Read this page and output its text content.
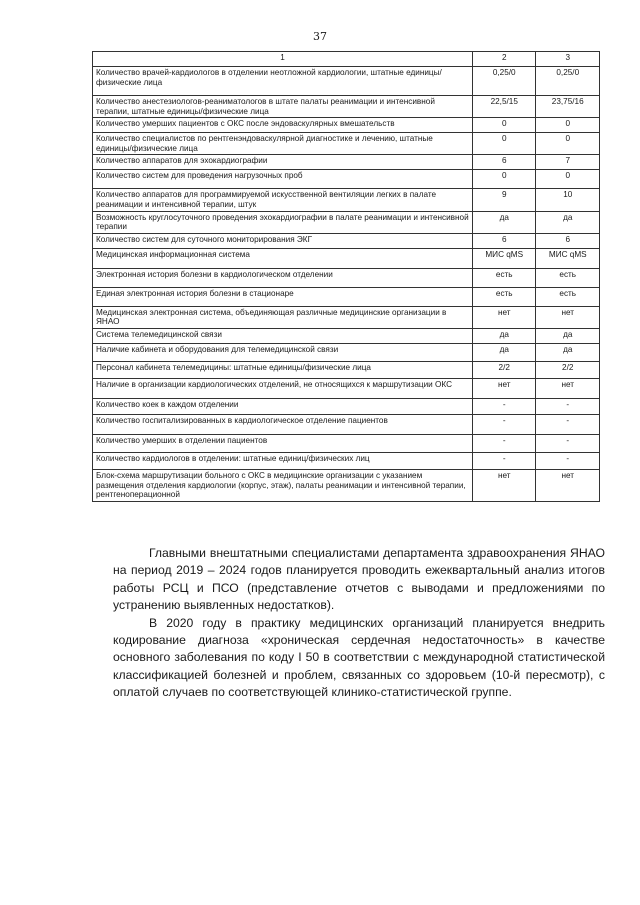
37
1	2	3
Количество врачей-кардиологов в отделении неотложной кардиологии, штатные единицы/физические лица	0,25/0	0,25/0
Количество анестезиологов-реаниматологов в штате палаты реанимации и интенсивной терапии, штатные единицы/физические лица	22,5/15	23,75/16
Количество умерших пациентов с ОКС после эндоваскулярных вмешательств	0	0
Количество специалистов по рентгенэндоваскулярной диагностике и лечению, штатные единицы/физические лица	0	0
Количество аппаратов для эхокардиографии	6	7
Количество систем для проведения нагрузочных проб	0	0
Количество аппаратов для программируемой искусственной вентиляции легких в палате реанимации и интенсивной терапии, штук	9	10
Возможность круглосуточного проведения эхокардиографии в палате реанимации и интенсивной терапии	да	да
Количество систем для суточного мониторирования ЭКГ	6	6
Медицинская информационная система	МИС qMS	МИС qMS
Электронная история болезни в кардиологическом отделении	есть	есть
Единая электронная история болезни в стационаре	есть	есть
Медицинская электронная система, объединяющая различные медицинские организации в ЯНАО	нет	нет
Система телемедицинской связи	да	да
Наличие кабинета и оборудования для телемедицинской связи	да	да
Персонал кабинета телемедицины: штатные единицы/физические лица	2/2	2/2
Наличие в организации кардиологических отделений, не относящихся к маршрутизации ОКС	нет	нет
Количество коек в каждом отделении	-	-
Количество госпитализированных в кардиологическое отделение пациентов	-	-
Количество умерших в отделении пациентов	-	-
Количество кардиологов в отделении: штатные единиц/физических лиц	-	-
Блок-схема маршрутизации больного с ОКС в медицинские организации с указанием размещения отделения кардиологии (корпус, этаж), палаты реанимации и интенсивной терапии, рентгеноперационной	нет	нет

Главными внештатными специалистами департамента здравоохранения ЯНАО на период 2019 – 2024 годов планируется проводить ежеквартальный анализ итогов работы РСЦ и ПСО (представление отчетов с выводами и предложениями по устранению выявленных недостатков).

В 2020 году в практику медицинских организаций планируется внедрить кодирование диагноза «хроническая сердечная недостаточность» в качестве основного заболевания по коду I 50 в соответствии с международной статистической классификацией болезней и проблем, связанных со здоровьем (10-й пересмотр), с оплатой случаев по соответствующей клинико-статистической группе.
